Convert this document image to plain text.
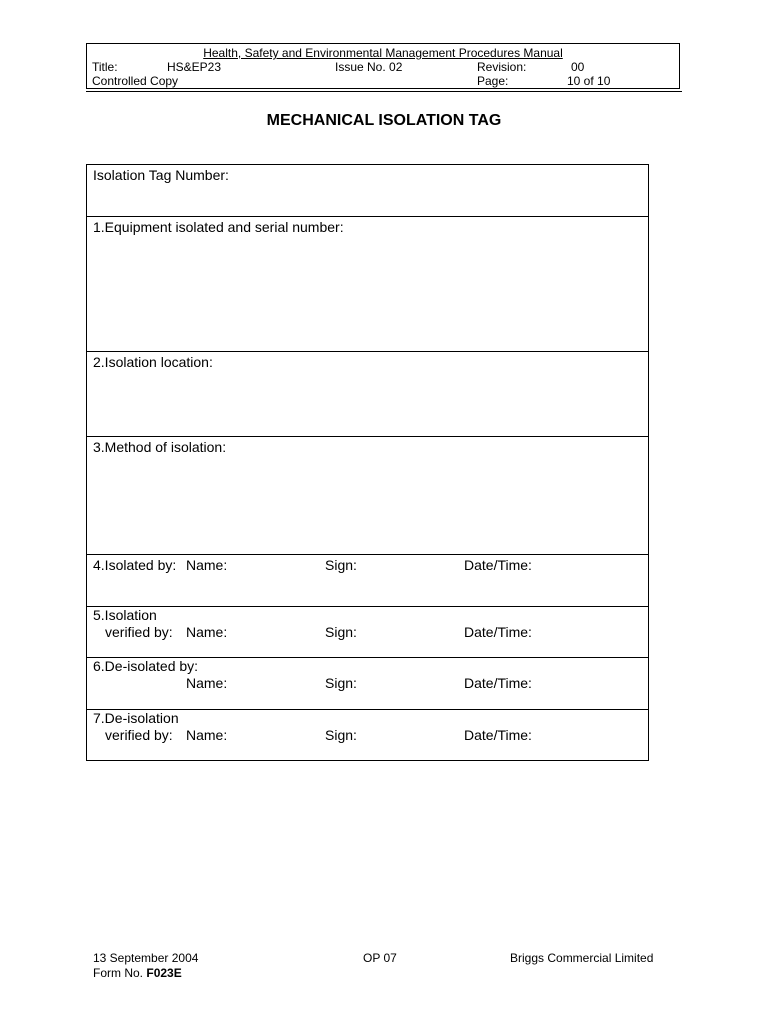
Health, Safety and Environmental Management Procedures Manual
Title:	HS&EP23	Issue No. 02	Revision:	00
Controlled Copy	Page:	10 of 10
MECHANICAL ISOLATION TAG
Isolation Tag Number:
1.Equipment isolated and serial number:
2.Isolation location:
3.Method of isolation:
4.Isolated by: Name:	Sign:	Date/Time:
5.Isolation
verified by: Name:	Sign:	Date/Time:
6.De-isolated by:
Name:	Sign:	Date/Time:
7.De-isolation
verified by: Name:	Sign:	Date/Time:
13 September 2004
Form No. F023E
OP 07	Briggs Commercial Limited
